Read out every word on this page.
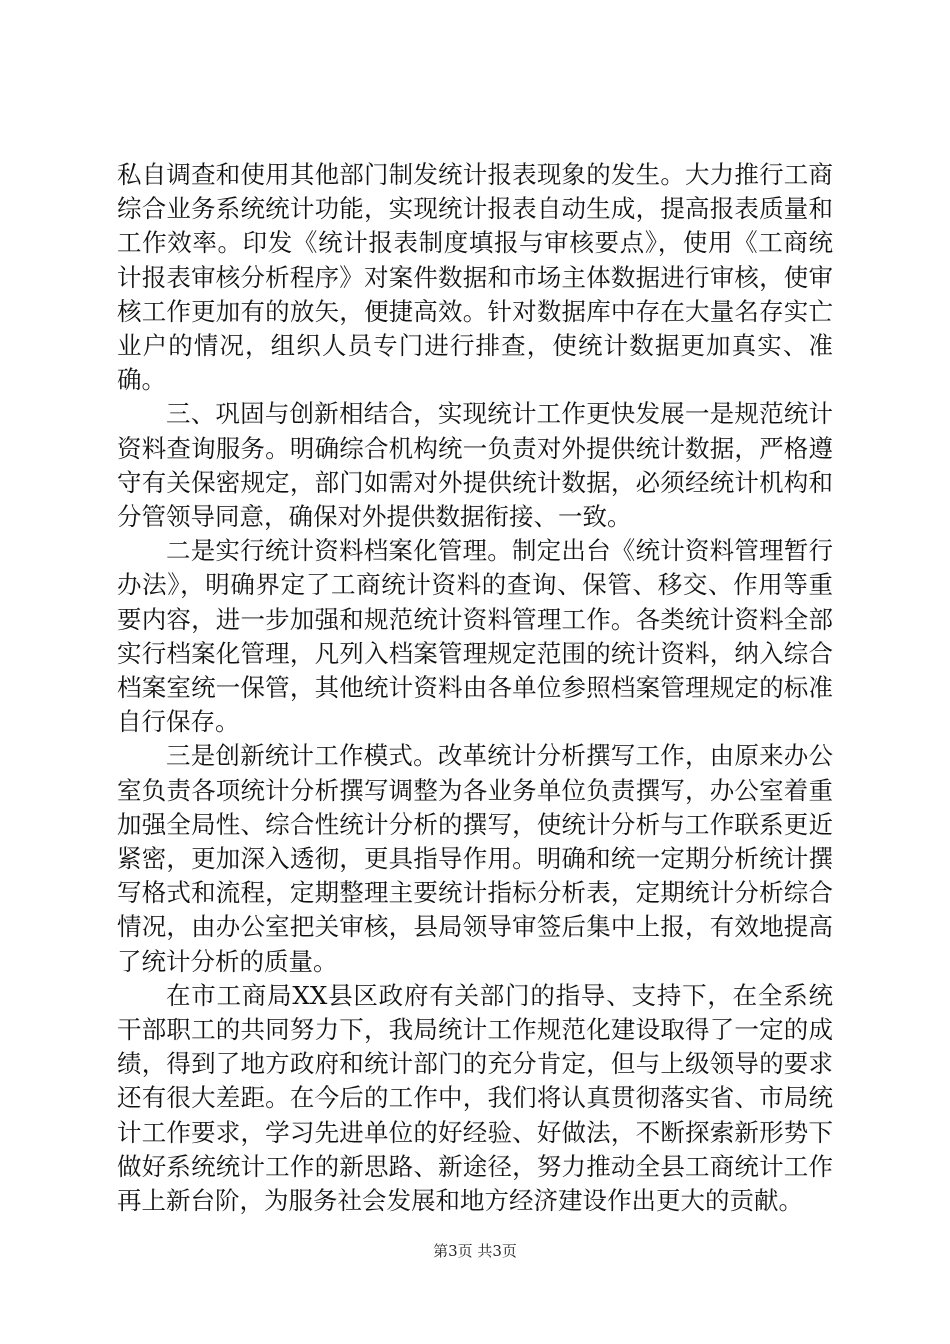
私自调查和使用其他部门制发统计报表现象的发生。大力推行工商综合业务系统统计功能，实现统计报表自动生成，提高报表质量和工作效率。印发《统计报表制度填报与审核要点》，使用《工商统计报表审核分析程序》对案件数据和市场主体数据进行审核，使审核工作更加有的放矢，便捷高效。针对数据库中存在大量名存实亡业户的情况，组织人员专门进行排查，使统计数据更加真实、准确。

三、巩固与创新相结合，实现统计工作更快发展一是规范统计资料查询服务。明确综合机构统一负责对外提供统计数据，严格遵守有关保密规定，部门如需对外提供统计数据，必须经统计机构和分管领导同意，确保对外提供数据衔接、一致。

二是实行统计资料档案化管理。制定出台《统计资料管理暂行办法》，明确界定了工商统计资料的查询、保管、移交、作用等重要内容，进一步加强和规范统计资料管理工作。各类统计资料全部实行档案化管理，凡列入档案管理规定范围的统计资料，纳入综合档案室统一保管，其他统计资料由各单位参照档案管理规定的标准自行保存。

三是创新统计工作模式。改革统计分析撰写工作，由原来办公室负责各项统计分析撰写调整为各业务单位负责撰写，办公室着重加强全局性、综合性统计分析的撰写，使统计分析与工作联系更近紧密，更加深入透彻，更具指导作用。明确和统一定期分析统计撰写格式和流程，定期整理主要统计指标分析表，定期统计分析综合情况，由办公室把关审核，县局领导审签后集中上报，有效地提高了统计分析的质量。

在市工商局XX县区政府有关部门的指导、支持下，在全系统干部职工的共同努力下，我局统计工作规范化建设取得了一定的成绩，得到了地方政府和统计部门的充分肯定，但与上级领导的要求还有很大差距。在今后的工作中，我们将认真贯彻落实省、市局统计工作要求，学习先进单位的好经验、好做法，不断探索新形势下做好系统统计工作的新思路、新途径，努力推动全县工商统计工作再上新台阶，为服务社会发展和地方经济建设作出更大的贡献。

第3页 共3页
